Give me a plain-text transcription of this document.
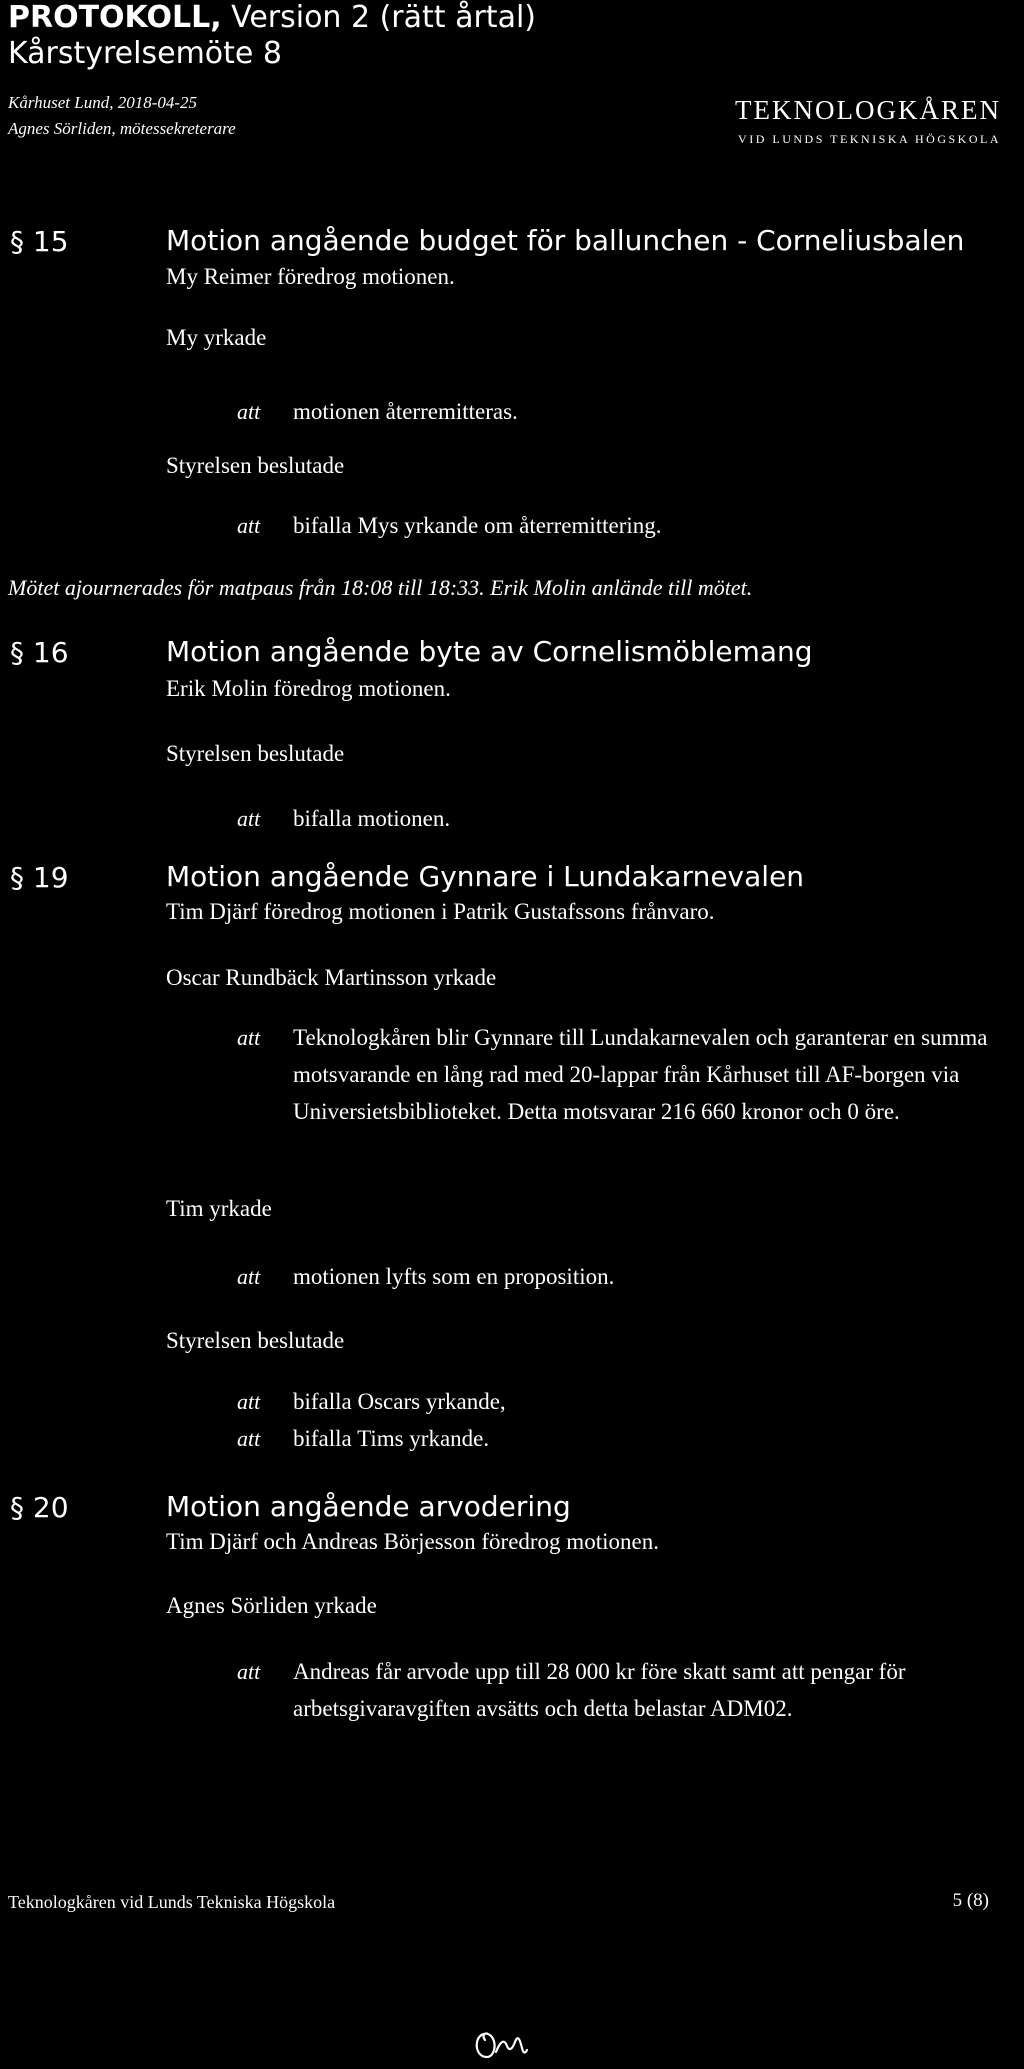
PROTOKOLL, Version 2 (rätt årtal)
Kårstyrelsemöte 8
Kårhuset Lund, 2018-04-25
Agnes Sörliden, mötessekreterare
TEKNOLOGKÅREN
VID LUNDS TEKNISKA HÖGSKOLA
§ 15	Motion angående budget för ballunchen - Corneliusbalen
My Reimer föredrog motionen.
My yrkade
att motionen återremitteras.
Styrelsen beslutade
att bifalla Mys yrkande om återremittering.
Mötet ajournerades för matpaus från 18:08 till 18:33. Erik Molin anlände till mötet.
§ 16	Motion angående byte av Cornelismöblemang
Erik Molin föredrog motionen.
Styrelsen beslutade
att bifalla motionen.
§ 19	Motion angående Gynnare i Lundakarnevalen
Tim Djärf föredrog motionen i Patrik Gustafssons frånvaro.
Oscar Rundbäck Martinsson yrkade
att Teknologkåren blir Gynnare till Lundakarnevalen och garanterar en summa motsvarande en lång rad med 20-lappar från Kårhuset till AF-borgen via Universietsbiblioteket. Detta motsvarar 216 660 kronor och 0 öre.
Tim yrkade
att motionen lyfts som en proposition.
Styrelsen beslutade
att bifalla Oscars yrkande,
att bifalla Tims yrkande.
§ 20	Motion angående arvodering
Tim Djärf och Andreas Börjesson föredrog motionen.
Agnes Sörliden yrkade
att Andreas får arvode upp till 28 000 kr före skatt samt att pengar för arbetsgivaravgiften avsätts och detta belastar ADM02.
Teknologkåren vid Lunds Tekniska Högskola	5 (8)
